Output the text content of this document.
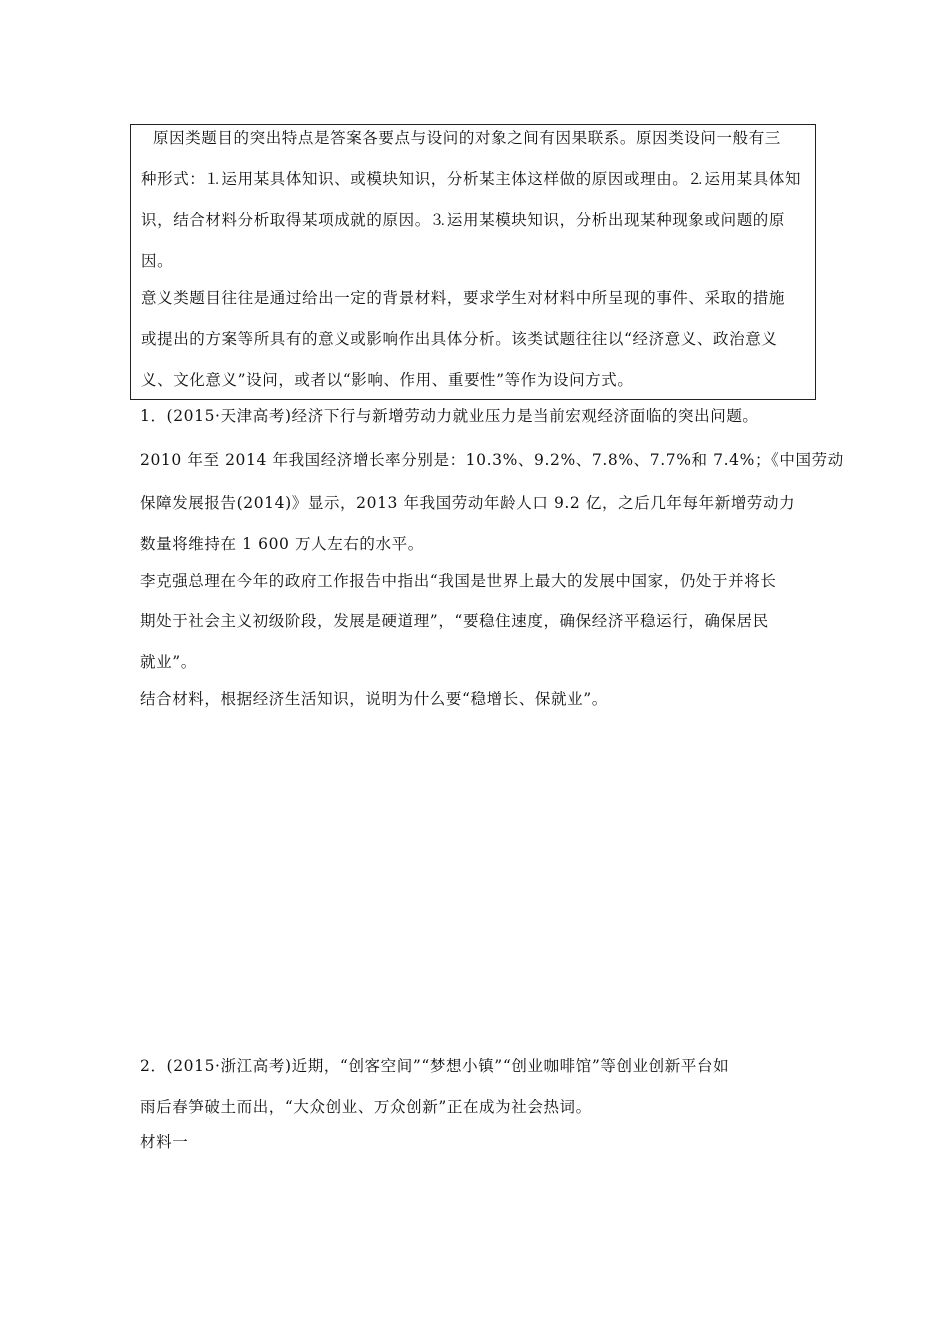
原因类题目的突出特点是答案各要点与设问的对象之间有因果联系。原因类设问一般有三
种形式：⒈运用某具体知识、或模块知识，分析某主体这样做的原因或理由。⒉运用某具体知
识，结合材料分析取得某项成就的原因。⒊运用某模块知识，分析出现某种现象或问题的原
因。
意义类题目往往是通过给出一定的背景材料，要求学生对材料中所呈现的事件、采取的措施
或提出的方案等所具有的意义或影响作出具体分析。该类试题往往以“经济意义、政治意义
义、文化意义”设问，或者以“影响、作用、重要性”等作为设问方式。
1．(2015·天津高考)经济下行与新增劳动力就业压力是当前宏观经济面临的突出问题。
2010 年至 2014 年我国经济增长率分别是：10.3%、9.2%、7.8%、7.7%和 7.4%；《中国劳动
保障发展报告(2014)》显示，2013 年我国劳动年龄人口 9.2 亿，之后几年每年新增劳动力
数量将维持在 1 600 万人左右的水平。
李克强总理在今年的政府工作报告中指出“我国是世界上最大的发展中国家，仍处于并将长
期处于社会主义初级阶段，发展是硬道理”，“要稳住速度，确保经济平稳运行，确保居民
就业”。
结合材料，根据经济生活知识，说明为什么要“稳增长、保就业”。
2．(2015·浙江高考)近期，“创客空间”“梦想小镇”“创业咖啡馆”等创业创新平台如
雨后春笋破土而出，“大众创业、万众创新”正在成为社会热词。
材料一
